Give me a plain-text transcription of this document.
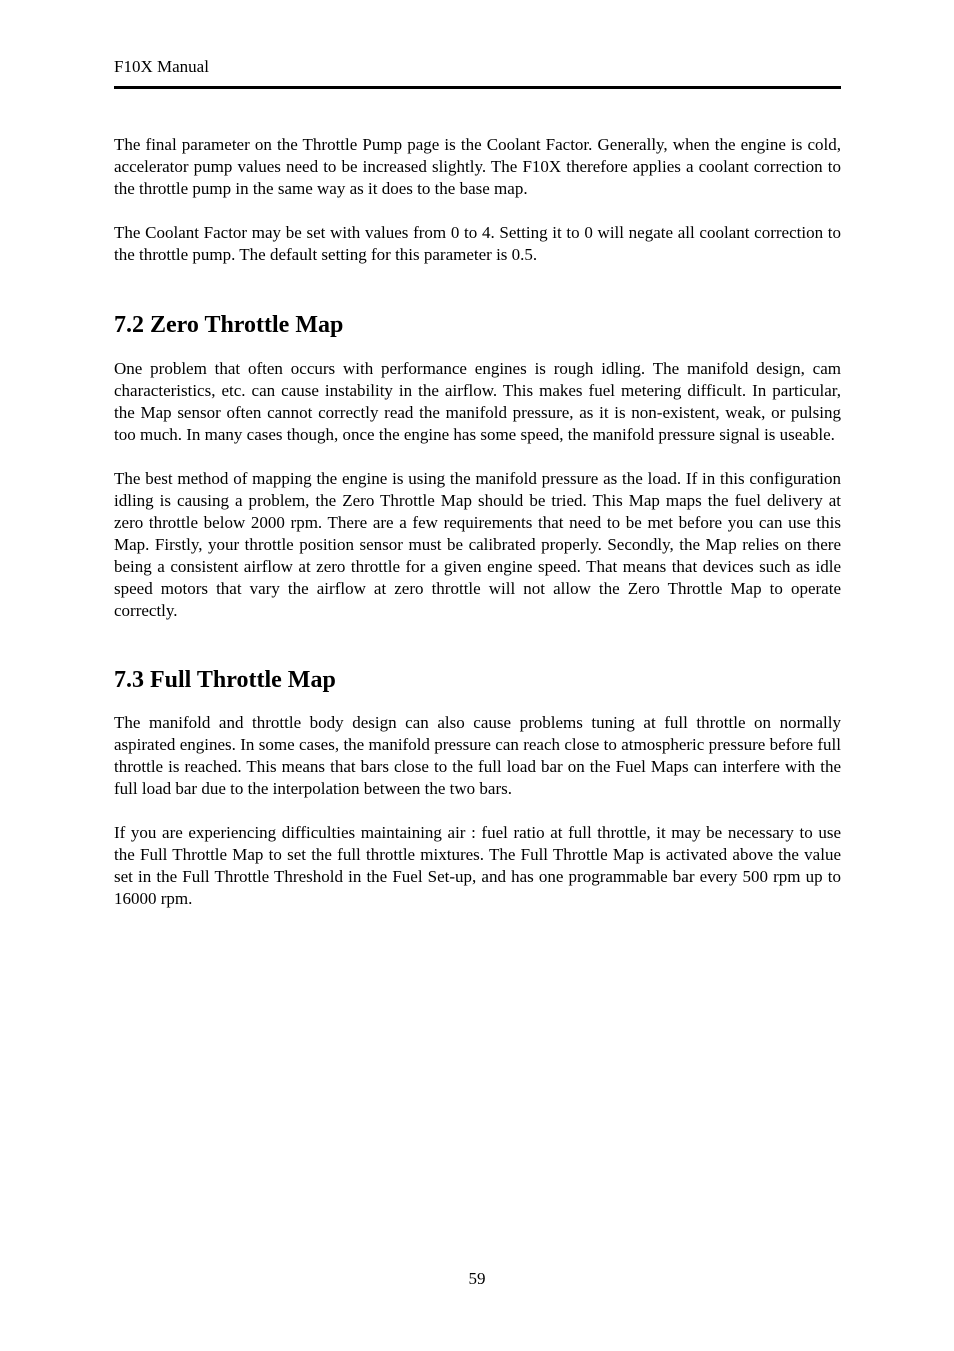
F10X Manual

The final parameter on the Throttle Pump page is the Coolant Factor. Generally, when the engine is cold, accelerator pump values need to be increased slightly. The F10X therefore applies a coolant correction to the throttle pump in the same way as it does to the base map.

The Coolant Factor may be set with values from 0 to 4. Setting it to 0 will negate all coolant correction to the throttle pump. The default setting for this parameter is 0.5.

7.2 Zero Throttle Map

One problem that often occurs with performance engines is rough idling. The manifold design, cam characteristics, etc. can cause instability in the airflow. This makes fuel metering difficult. In particular, the Map sensor often cannot correctly read the manifold pressure, as it is non-existent, weak, or pulsing too much. In many cases though, once the engine has some speed, the manifold pressure signal is useable.

The best method of mapping the engine is using the manifold pressure as the load. If in this configuration idling is causing a problem, the Zero Throttle Map should be tried. This Map maps the fuel delivery at zero throttle below 2000 rpm. There are a few requirements that need to be met before you can use this Map. Firstly, your throttle position sensor must be calibrated properly. Secondly, the Map relies on there being a consistent airflow at zero throttle for a given engine speed. That means that devices such as idle speed motors that vary the airflow at zero throttle will not allow the Zero Throttle Map to operate correctly.

7.3 Full Throttle Map

The manifold and throttle body design can also cause problems tuning at full throttle on normally aspirated engines. In some cases, the manifold pressure can reach close to atmospheric pressure before full throttle is reached. This means that bars close to the full load bar on the Fuel Maps can interfere with the full load bar due to the interpolation between the two bars.

If you are experiencing difficulties maintaining air : fuel ratio at full throttle, it may be necessary to use the Full Throttle Map to set the full throttle mixtures. The Full Throttle Map is activated above the value set in the Full Throttle Threshold in the Fuel Set-up, and has one programmable bar every 500 rpm up to 16000 rpm.

59
